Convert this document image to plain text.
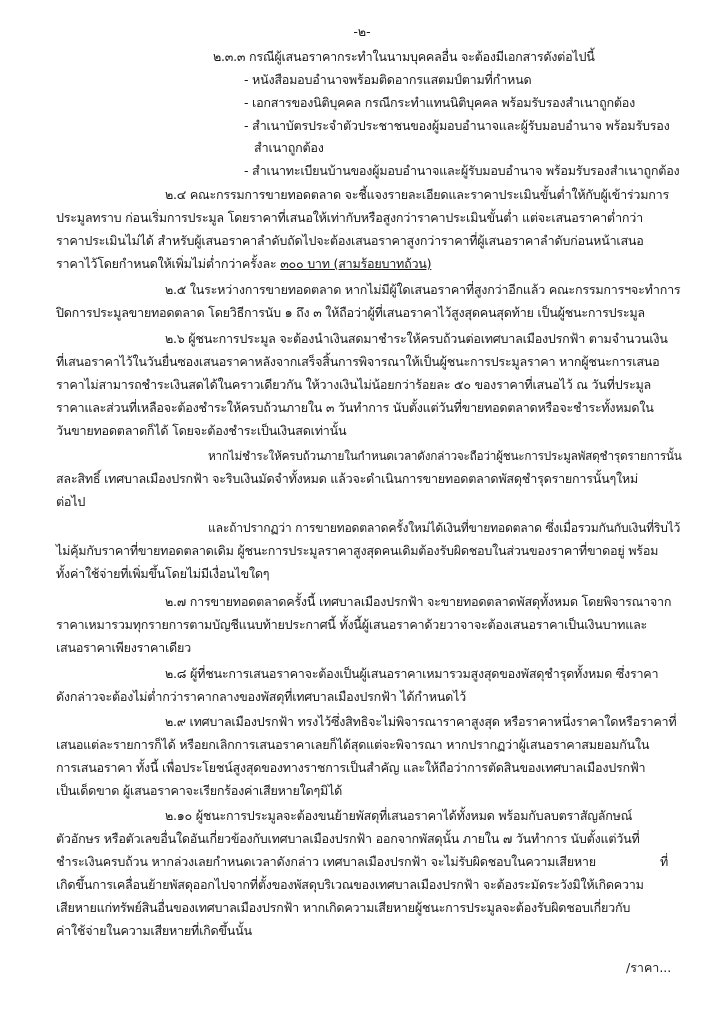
-๒-
๒.๓.๓ กรณีผู้เสนอราคากระทำในนามบุคคลอื่น จะต้องมีเอกสารดังต่อไปนี้
- หนังสือมอบอำนาจพร้อมติดอากรแสตมป์ตามที่กำหนด
- เอกสารของนิติบุคคล กรณีกระทำแทนนิติบุคคล พร้อมรับรองสำเนาถูกต้อง
- สำเนาบัตรประจำตัวประชาชนของผู้มอบอำนาจและผู้รับมอบอำนาจ พร้อมรับรอง
สำเนาถูกต้อง
- สำเนาทะเบียนบ้านของผู้มอบอำนาจและผู้รับมอบอำนาจ พร้อมรับรองสำเนาถูกต้อง
๒.๔ คณะกรรมการขายทอดตลาด จะชี้แจงรายละเอียดและราคาประเมินขั้นต่ำให้กับผู้เข้าร่วมการ
ประมูลทราบ ก่อนเริ่มการประมูล โดยราคาที่เสนอให้เท่ากับหรือสูงกว่าราคาประเมินขั้นต่ำ แต่จะเสนอราคาต่ำกว่า
ราคาประเมินไม่ได้ สำหรับผู้เสนอราคาลำดับถัดไปจะต้องเสนอราคาสูงกว่าราคาที่ผู้เสนอราคาลำดับก่อนหน้าเสนอ
ราคาไว้โดยกำหนดให้เพิ่มไม่ต่ำกว่าครั้งละ ๓๐๐ บาท (สามร้อยบาทถ้วน)
๒.๕ ในระหว่างการขายทอดตลาด หากไม่มีผู้ใดเสนอราคาที่สูงกว่าอีกแล้ว คณะกรรมการฯจะทำการ
ปิดการประมูลขายทอดตลาด โดยวิธีการนับ ๑ ถึง ๓ ให้ถือว่าผู้ที่เสนอราคาไว้สูงสุดคนสุดท้าย เป็นผู้ชนะการประมูล
๒.๖ ผู้ชนะการประมูล จะต้องนำเงินสดมาชำระให้ครบถ้วนต่อเทศบาลเมืองปรกฟ้า ตามจำนวนเงิน
ที่เสนอราคาไว้ในวันยื่นซองเสนอราคาหลังจากเสร็จสิ้นการพิจารณาให้เป็นผู้ชนะการประมูลราคา หากผู้ชนะการเสนอ
ราคาไม่สามารถชำระเงินสดได้ในคราวเดียวกัน ให้วางเงินไม่น้อยกว่าร้อยละ ๕๐ ของราคาที่เสนอไว้ ณ วันที่ประมูล
ราคาและส่วนที่เหลือจะต้องชำระให้ครบถ้วนภายใน ๓ วันทำการ นับตั้งแต่วันที่ขายทอดตลาดหรือจะชำระทั้งหมดใน
วันขายทอดตลาดก็ได้ โดยจะต้องชำระเป็นเงินสดเท่านั้น
หากไม่ชำระให้ครบถ้วนภายในกำหนดเวลาดังกล่าวจะถือว่าผู้ชนะการประมูลพัสดุชำรุดรายการนั้น
สละสิทธิ์ เทศบาลเมืองปรกฟ้า จะริบเงินมัดจำทั้งหมด แล้วจะดำเนินการขายทอดตลาดพัสดุชำรุดรายการนั้นๆใหม่
ต่อไป
และถ้าปรากฏว่า การขายทอดตลาดครั้งใหม่ได้เงินที่ขายทอดตลาด ซึ่งเมื่อรวมกันกับเงินที่ริบไว้
ไม่คุ้มกับราคาที่ขายทอดตลาดเดิม ผู้ชนะการประมูลราคาสูงสุดคนเดิมต้องรับผิดชอบในส่วนของราคาที่ขาดอยู่ พร้อม
ทั้งค่าใช้จ่ายที่เพิ่มขึ้นโดยไม่มีเงื่อนไขใดๆ
๒.๗ การขายทอดตลาดครั้งนี้ เทศบาลเมืองปรกฟ้า จะขายทอดตลาดพัสดุทั้งหมด โดยพิจารณาจาก
ราคาเหมารวมทุกรายการตามบัญชีแนบท้ายประกาศนี้ ทั้งนี้ผู้เสนอราคาด้วยวาจาจะต้องเสนอราคาเป็นเงินบาทและ
เสนอราคาเพียงราคาเดียว
๒.๘ ผู้ที่ชนะการเสนอราคาจะต้องเป็นผู้เสนอราคาเหมารวมสูงสุดของพัสดุชำรุดทั้งหมด ซึ่งราคา
ดังกล่าวจะต้องไม่ต่ำกว่าราคากลางของพัสดุที่เทศบาลเมืองปรกฟ้า ได้กำหนดไว้
๒.๙ เทศบาลเมืองปรกฟ้า ทรงไว้ซึ่งสิทธิจะไม่พิจารณาราคาสูงสุด หรือราคาหนึ่งราคาใดหรือราคาที่
เสนอแต่ละรายการก็ได้ หรือยกเลิกการเสนอราคาเลยก็ได้สุดแต่จะพิจารณา หากปรากฏว่าผู้เสนอราคาสมยอมกันใน
การเสนอราคา ทั้งนี้ เพื่อประโยชน์สูงสุดของทางราชการเป็นสำคัญ และให้ถือว่าการตัดสินของเทศบาลเมืองปรกฟ้า
เป็นเด็ดขาด ผู้เสนอราคาจะเรียกร้องค่าเสียหายใดๆมิได้
๒.๑๐ ผู้ชนะการประมูลจะต้องขนย้ายพัสดุที่เสนอราคาได้ทั้งหมด พร้อมกับลบตราสัญลักษณ์
ตัวอักษร หรือตัวเลขอื่นใดอันเกี่ยวข้องกับเทศบาลเมืองปรกฟ้า ออกจากพัสดุนั้น ภายใน ๗ วันทำการ นับตั้งแต่วันที่
ชำระเงินครบถ้วน หากล่วงเลยกำหนดเวลาดังกล่าว เทศบาลเมืองปรกฟ้า จะไม่รับผิดชอบในความเสียหาย	ที่
เกิดขึ้นการเคลื่อนย้ายพัสดุออกไปจากที่ตั้งของพัสดุบริเวณของเทศบาลเมืองปรกฟ้า จะต้องระมัดระวังมิให้เกิดความ
เสียหายแก่ทรัพย์สินอื่นของเทศบาลเมืองปรกฟ้า หากเกิดความเสียหายผู้ชนะการประมูลจะต้องรับผิดชอบเกี่ยวกับ
ค่าใช้จ่ายในความเสียหายที่เกิดขึ้นนั้น
/ราคา...
